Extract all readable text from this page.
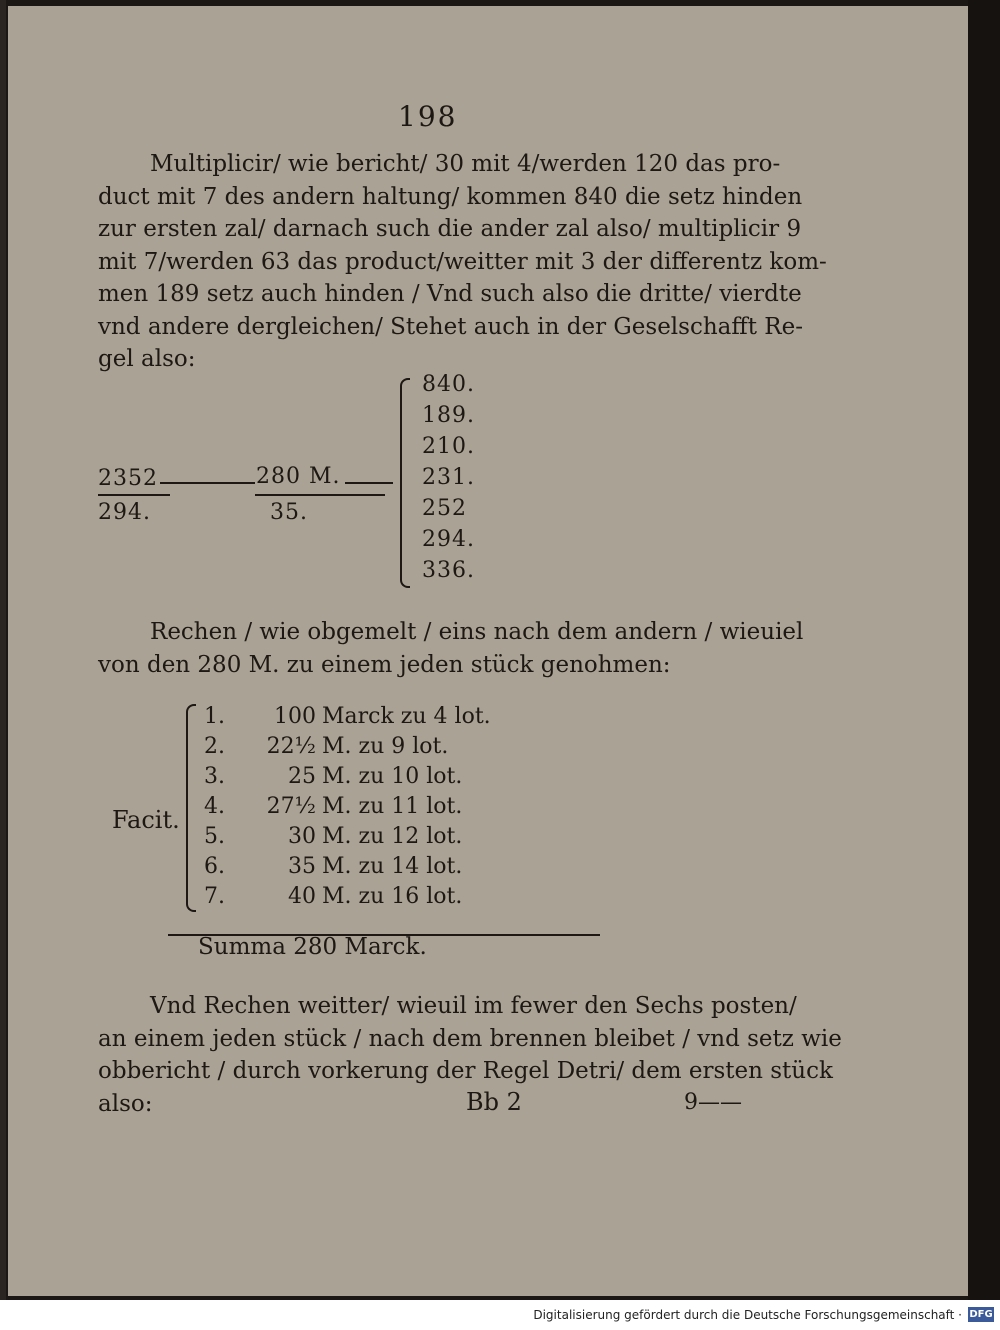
198
Multiplicir/ wie bericht/ 30 mit 4/werden 120 das pro-
duct mit 7 des andern haltung/ kommen 840 die setz hinden
zur ersten zal/ darnach such die ander zal also/ multiplicir 9
mit 7/werden 63 das product/weitter mit 3 der differentz kom-
men 189 setz auch hinden / Vnd such also die dritte/ vierdte
vnd andere dergleichen/ Stehet auch in der Geselschafft Re-
gel also:
2352	280 M.
294.	35.
840.
189.
210.
231.
252
294.
336.
Rechen / wie obgemelt / eins nach dem andern / wieuiel
von den 280 M. zu einem jeden stück genohmen:
Facit.
1.	100 Marck zu 4 lot.
2.	22½ M. zu 9 lot.
3.	25 M. zu 10 lot.
4.	27½ M. zu 11 lot.
5.	30 M. zu 12 lot.
6.	35 M. zu 14 lot.
7.	40 M. zu 16 lot.
Summa 280 Marck.
Vnd Rechen weitter/ wieuil im fewer den Sechs posten/
an einem jeden stück / nach dem brennen bleibet / vnd setz wie
obbericht / durch vorkerung der Regel Detri/ dem ersten stück
also:	Bb 2	9——
Digitalisierung gefördert durch die Deutsche Forschungsgemeinschaft · DFG
